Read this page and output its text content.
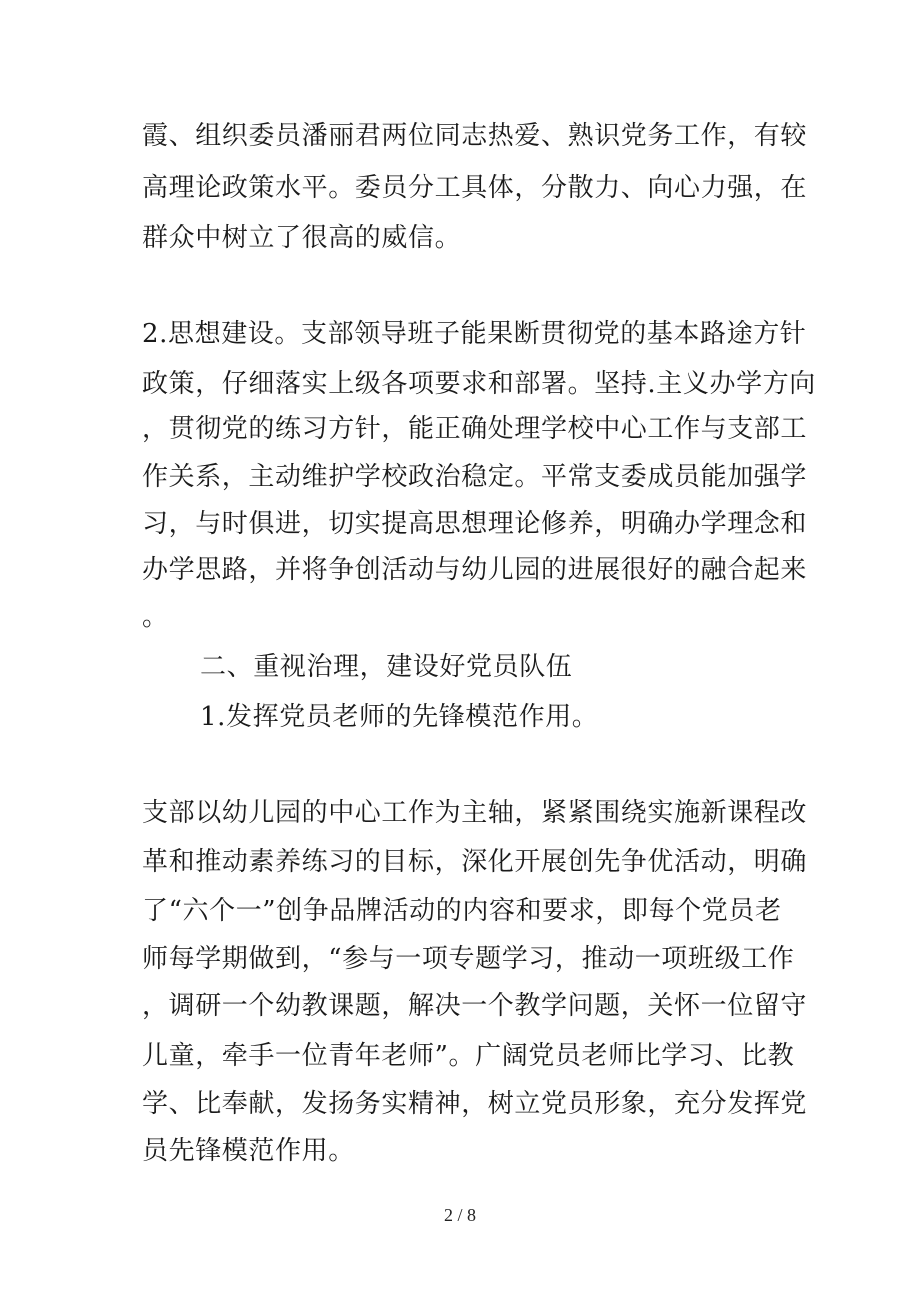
霞、组织委员潘丽君两位同志热爱、熟识党务工作，有较
高理论政策水平。委员分工具体，分散力、向心力强，在
群众中树立了很高的威信。
2.思想建设。支部领导班子能果断贯彻党的基本路途方针
政策，仔细落实上级各项要求和部署。坚持.主义办学方向
，贯彻党的练习方针，能正确处理学校中心工作与支部工
作关系，主动维护学校政治稳定。平常支委成员能加强学
习，与时俱进，切实提高思想理论修养，明确办学理念和
办学思路，并将争创活动与幼儿园的进展很好的融合起来
。
二、重视治理，建设好党员队伍
1.发挥党员老师的先锋模范作用。
支部以幼儿园的中心工作为主轴，紧紧围绕实施新课程改
革和推动素养练习的目标，深化开展创先争优活动，明确
了“六个一”创争品牌活动的内容和要求，即每个党员老
师每学期做到，“参与一项专题学习，推动一项班级工作
，调研一个幼教课题，解决一个教学问题，关怀一位留守
儿童，牵手一位青年老师”。广阔党员老师比学习、比教
学、比奉献，发扬务实精神，树立党员形象，充分发挥党
员先锋模范作用。
2 / 8
